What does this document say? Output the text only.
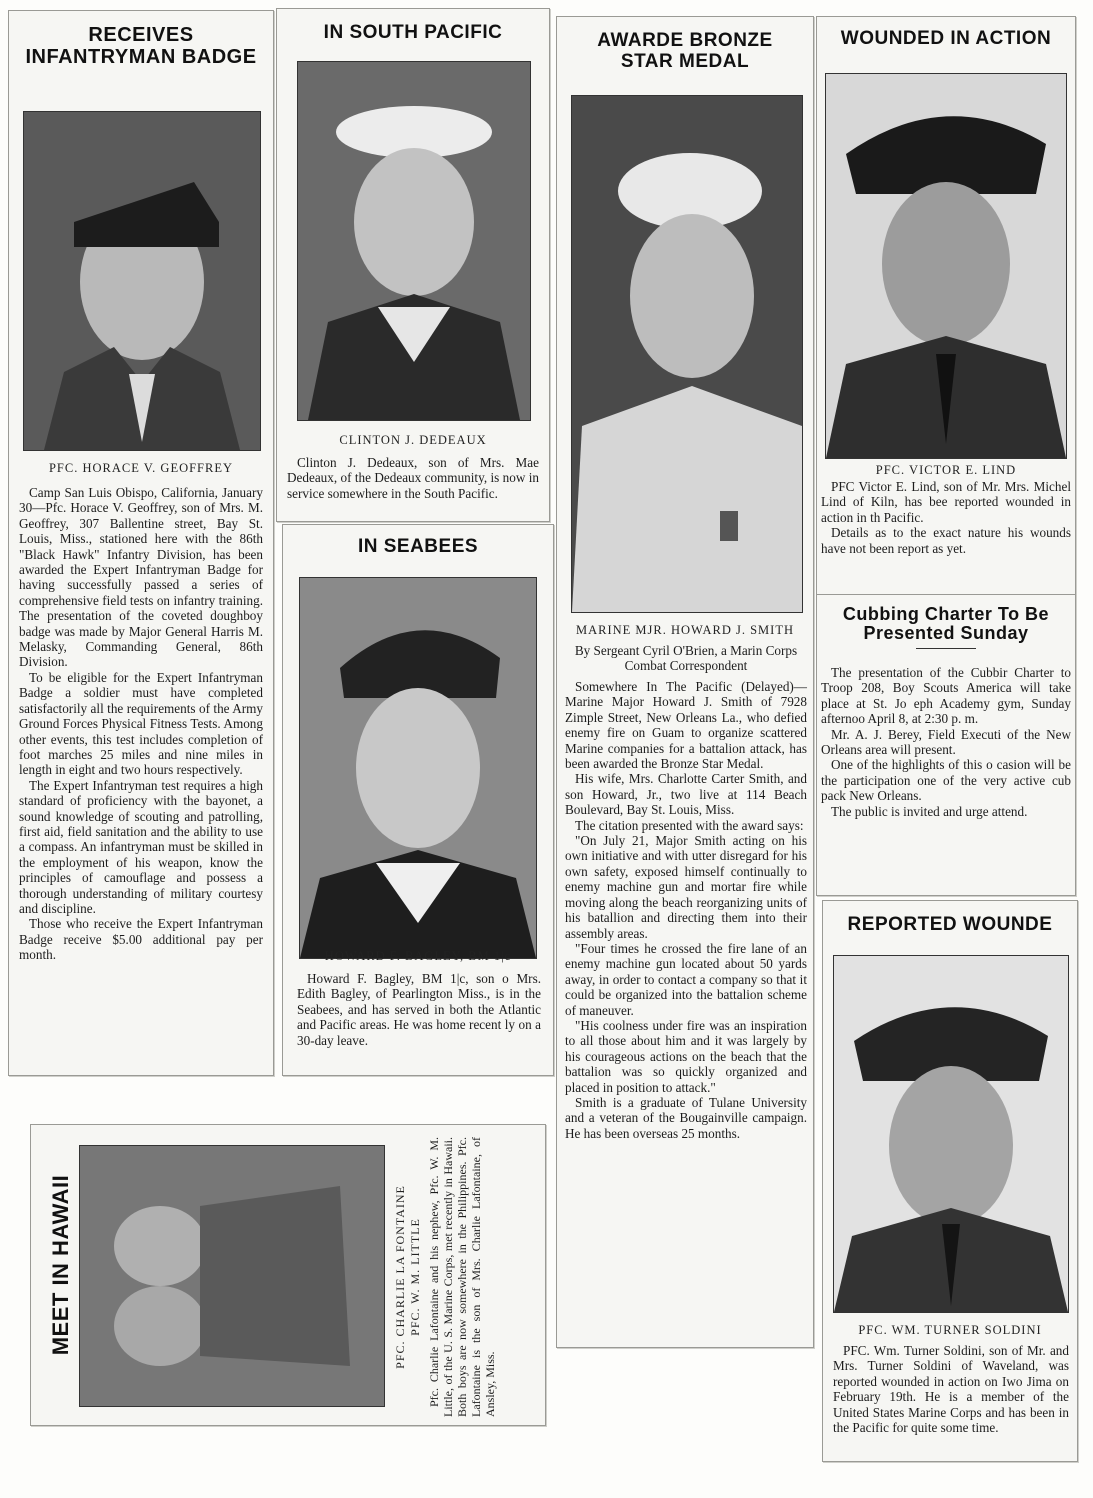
RECEIVES
INFANTRYMAN BADGE
PFC. HORACE V. GEOFFREY

Camp San Luis Obispo, California, January 30—Pfc. Horace V. Geoffrey, son of Mrs. M. Geoffrey, 307 Ballentine street, Bay St. Louis, Miss., stationed here with the 86th "Black Hawk" Infantry Division, has been awarded the Expert Infantryman Badge for having successfully passed a series of comprehensive field tests on infantry training. The presentation of the coveted doughboy badge was made by Major General Harris M. Melasky, Commanding General, 86th Division.

To be eligible for the Expert Infantryman Badge a soldier must have completed satisfactorily all the requirements of the Army Ground Forces Physical Fitness Tests. Among other events, this test includes completion of foot marches 25 miles and nine miles in length in eight and two hours respectively.

The Expert Infantryman test requires a high standard of proficiency with the bayonet, a sound knowledge of scouting and patrolling, first aid, field sanitation and the ability to use a compass. An infantryman must be skilled in the employment of his weapon, know the principles of camouflage and possess a thorough understanding of military courtesy and discipline.

Those who receive the Expert Infantryman Badge receive $5.00 additional pay per month.

IN SOUTH PACIFIC
CLINTON J. DEDEAUX

Clinton J. Dedeaux, son of Mrs. Mae Dedeaux, of the Dedeaux community, is now in service somewhere in the South Pacific.

IN SEABEES
HOWARD F. BAGLEY, BM 1|c

Howard F. Bagley, BM 1|c, son o Mrs. Edith Bagley, of Pearlington Miss., is in the Seabees, and has served in both the Atlantic and Pacific areas. He was home recent ly on a 30-day leave.

AWARDE BRONZE
STAR MEDAL
MARINE MJR. HOWARD J. SMITH
By Sergeant Cyril O'Brien, a Marin Corps Combat Correspondent

Somewhere In The Pacific (Delayed)—Marine Major Howard J. Smith of 7928 Zimple Street, New Orleans La., who defied enemy fire on Guam to organize scattered Marine companies for a battalion attack, has been awarded the Bronze Star Medal.

His wife, Mrs. Charlotte Carter Smith, and son Howard, Jr., two live at 114 Beach Boulevard, Bay St. Louis, Miss.

The citation presented with the award says:

"On July 21, Major Smith acting on his own initiative and with utter disregard for his own safety, exposed himself continually to enemy machine gun and mortar fire while moving along the beach reorganizing units of his batallion and directing them into their assembly areas.

"Four times he crossed the fire lane of an enemy machine gun located about 50 yards away, in order to contact a company so that it could be organized into the battalion scheme of maneuver.

"His coolness under fire was an inspiration to all those about him and it was largely by his courageous actions on the beach that the battalion was so quickly organized and placed in position to attack."

Smith is a graduate of Tulane University and a veteran of the Bougainville campaign. He has been overseas 25 months.

WOUNDED IN ACTION
PFC. VICTOR E. LIND

PFC Victor E. Lind, son of Mr. Mrs. Michel Lind of Kiln, has bee reported wounded in action in th Pacific.

Details as to the exact nature his wounds have not been report as yet.

Cubbing Charter To Be
Presented Sunday

The presentation of the Cubbir Charter to Troop 208, Boy Scouts America will take place at St. Jo eph Academy gym, Sunday afternoo April 8, at 2:30 p. m.

Mr. A. J. Berey, Field Executi of the New Orleans area will present.

One of the highlights of this o casion will be the participation one of the very active cub pack New Orleans.

The public is invited and urge attend.

REPORTED WOUNDE
PFC. WM. TURNER SOLDINI

PFC. Wm. Turner Soldini, son of Mr. and Mrs. Turner Soldini of Waveland, was reported wounded in action on Iwo Jima on February 19th. He is a member of the United States Marine Corps and has been in the Pacific for quite some time.

MEET IN HAWAII	PFC. CHARLIE LA FONTAINE
PFC. W. M. LITTLE Pfc. Charlie Lafontaine and his nephew, Pfc. W. M. Little, of the U. S. Marine Corps, met recently in Hawaii. Both boys are now somewhere in the Philippines. Pfc. Lafontaine is the son of Mrs. Charlie Lafontaine, of Ansley, Miss.
